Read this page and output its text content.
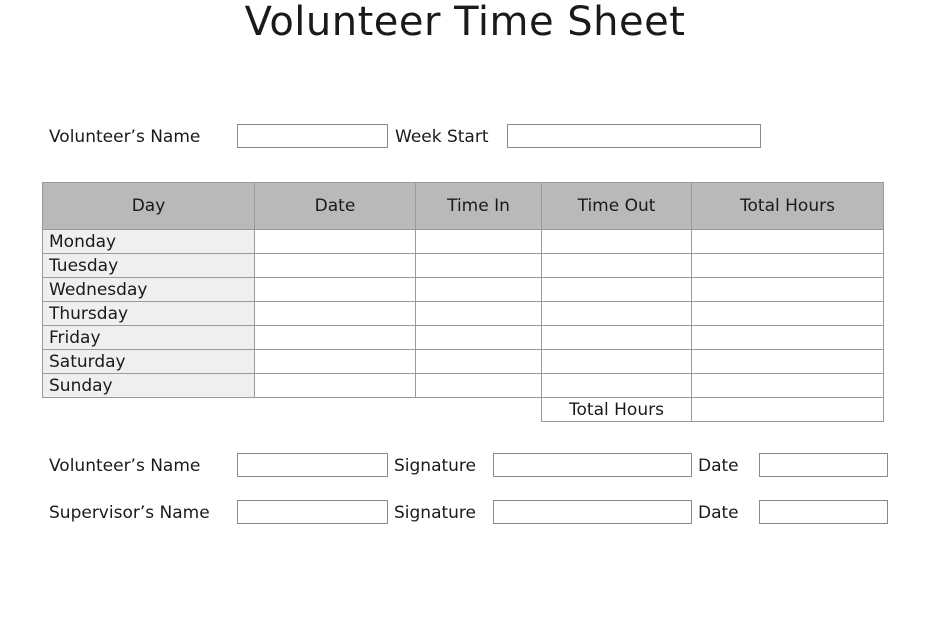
Volunteer Time Sheet
Volunteer’s Name	Week Start
Day	Date	Time In	Time Out	Total Hours
Monday				
Tuesday				
Wednesday				
Thursday				
Friday				
Saturday				
Sunday				
			Total Hours	
Volunteer’s Name	Signature	Date
Supervisor’s Name	Signature	Date
